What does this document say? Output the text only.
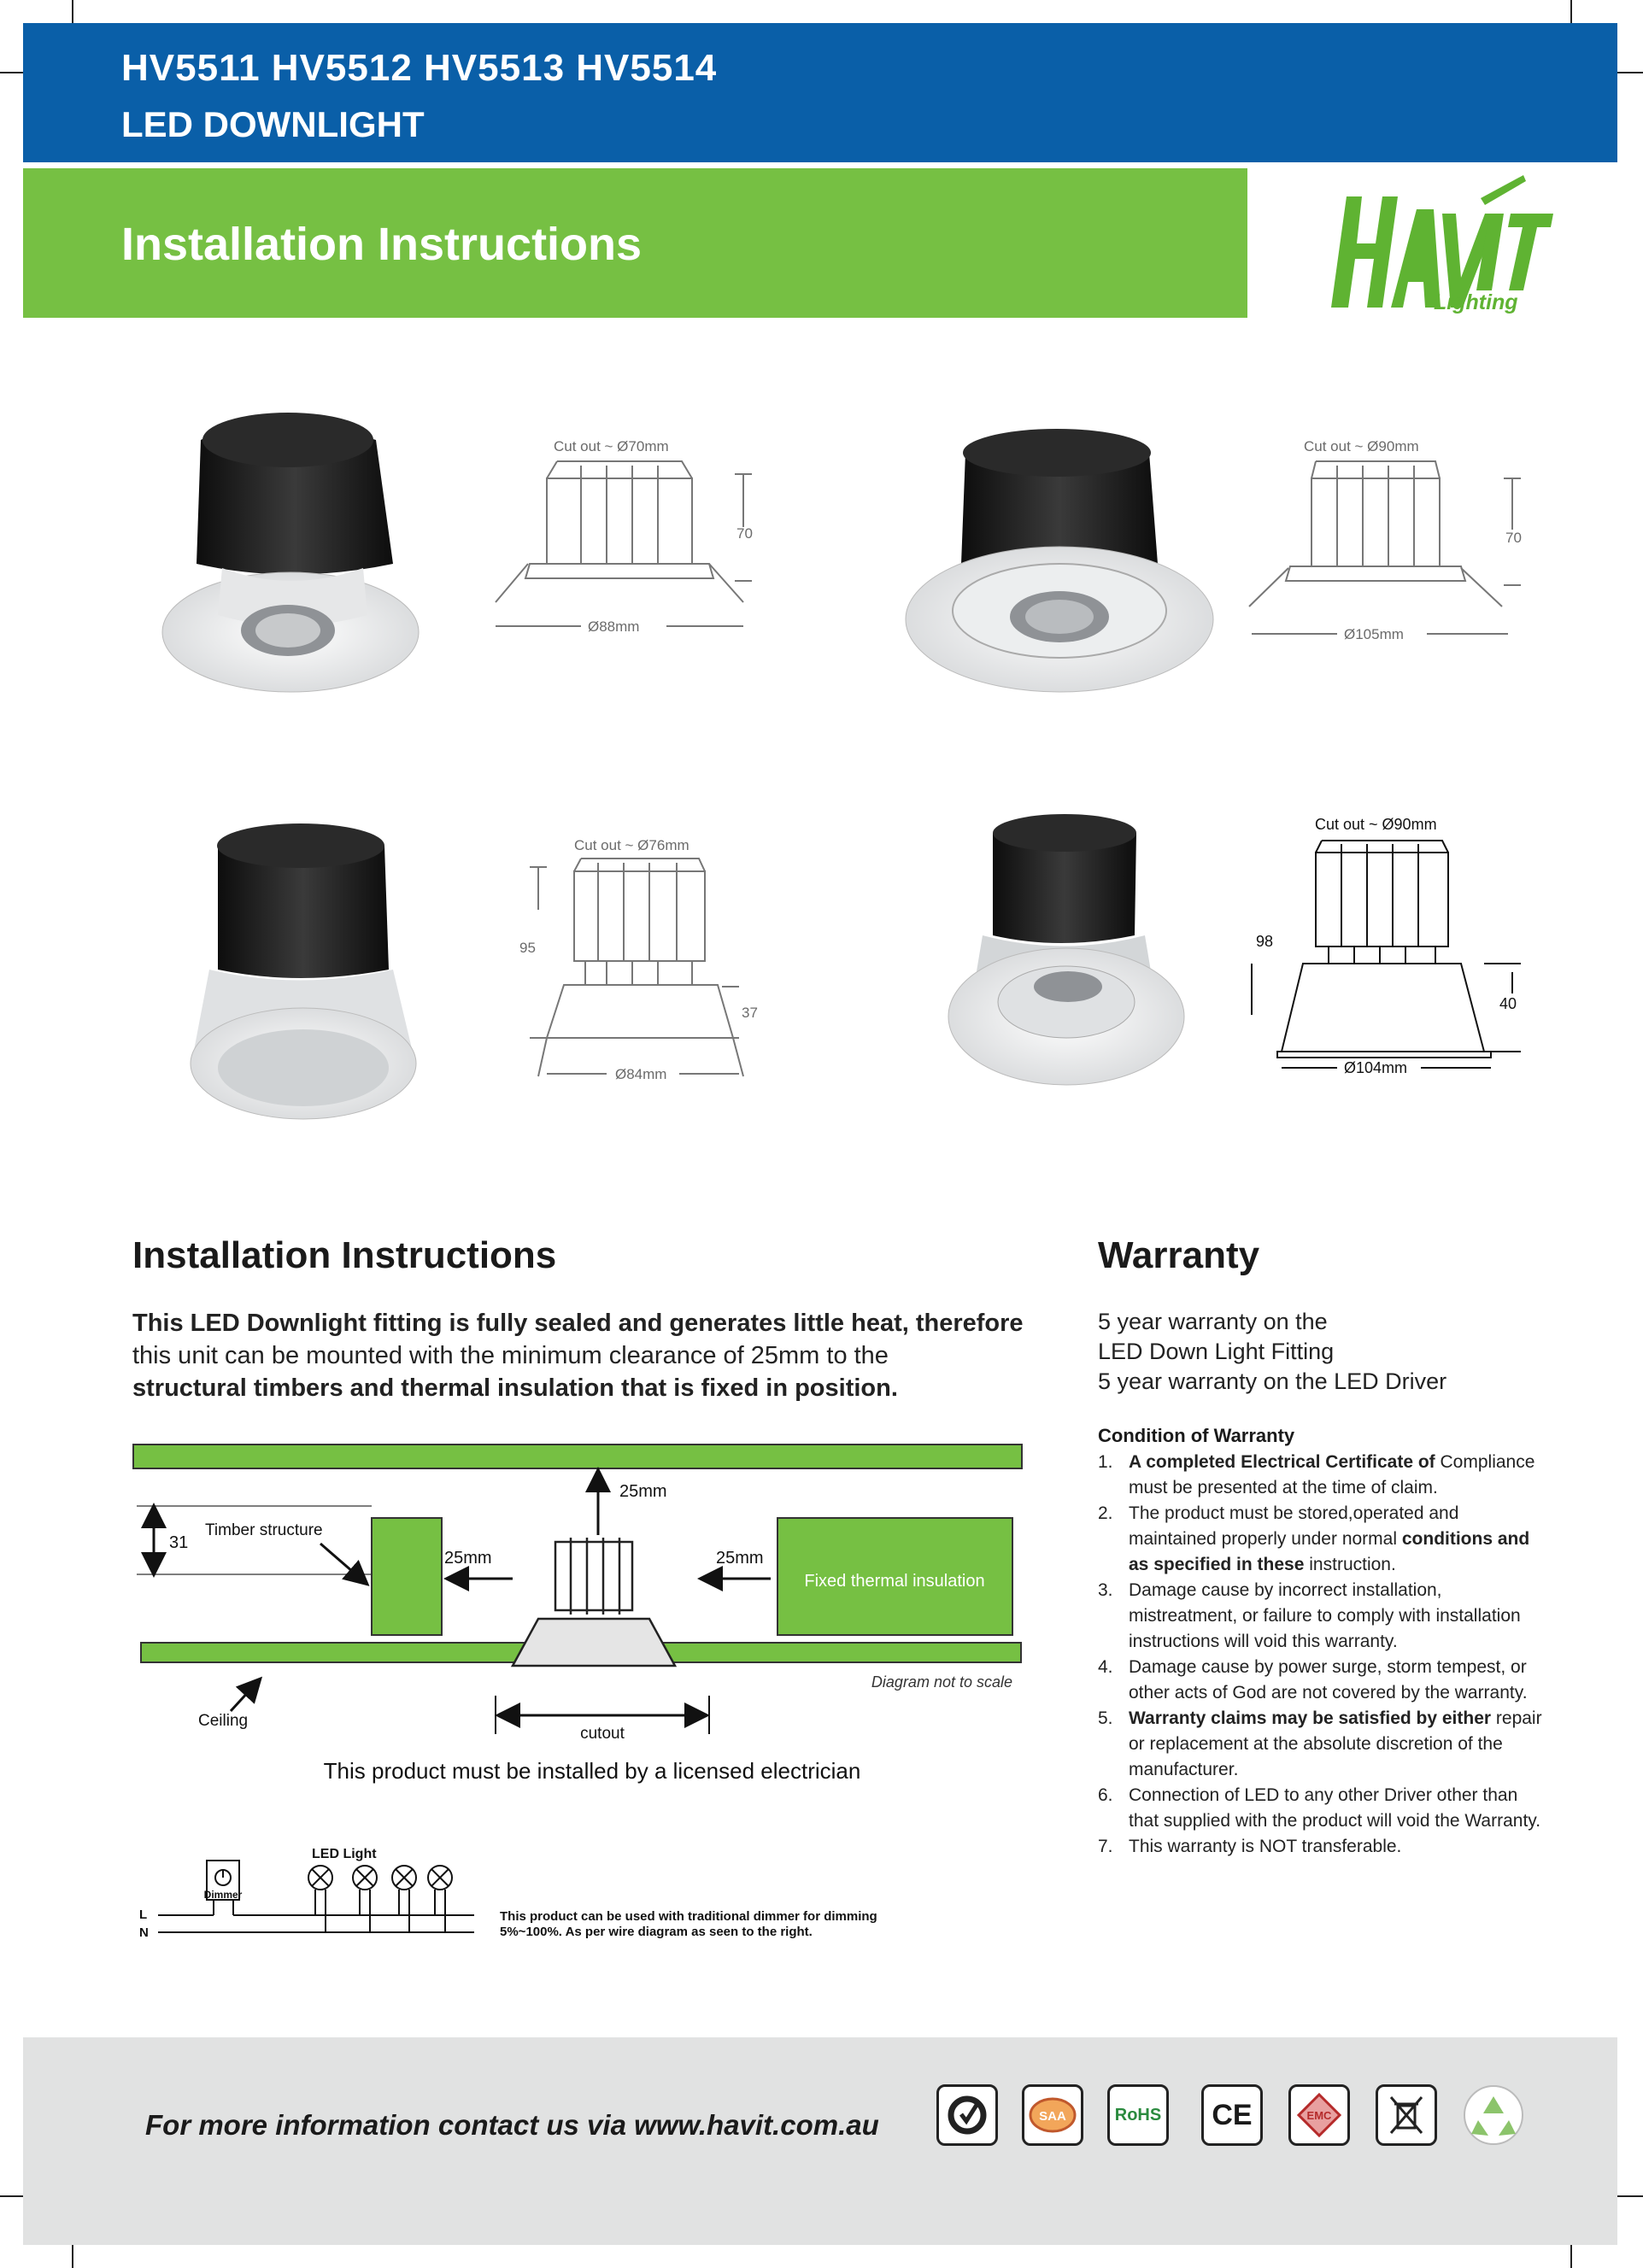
HV5511 HV5512 HV5513 HV5514
LED DOWNLIGHT
Installation Instructions
Lighting
Cut out ~ Ø70mm
70
Ø88mm
Cut out ~ Ø90mm
70
Ø105mm
Cut out ~ Ø76mm
95
37
Ø84mm
Cut out ~ Ø90mm
98
40
Ø104mm
Installation Instructions
This LED Downlight fitting is fully sealed and generates little heat, therefore
this unit can be mounted with the minimum clearance of 25mm to the
structural timbers and thermal insulation that is fixed in position.
31
Timber structure
Fixed thermal insulation
25mm
25mm	25mm
Diagram not to scale
Ceiling
cutout
This product must be installed by a licensed electrician
LED Light
Dimmer
L
N
This product can be used with traditional dimmer for dimming
5%~100%. As per wire diagram as seen to the right.
Warranty
5 year warranty on the
LED Down Light Fitting
5 year warranty on the LED Driver
Condition of Warranty
1. A completed Electrical Certificate of Compliance must be presented at the time of claim.
2. The product must be stored,operated and maintained properly under normal conditions and as specified in these instruction.
3. Damage cause by incorrect installation, mistreatment, or failure to comply with installation instructions will void this warranty.
4. Damage cause by power surge, storm tempest, or other acts of God are not covered by the warranty.
5. Warranty claims may be satisfied by either repair or replacement at the absolute discretion of the manufacturer.
6. Connection of LED to any other Driver other than that supplied with the product will void the Warranty.
7. This warranty is NOT transferable.
For more information contact us via www.havit.com.au	SAA	RoHS CE	EMC
